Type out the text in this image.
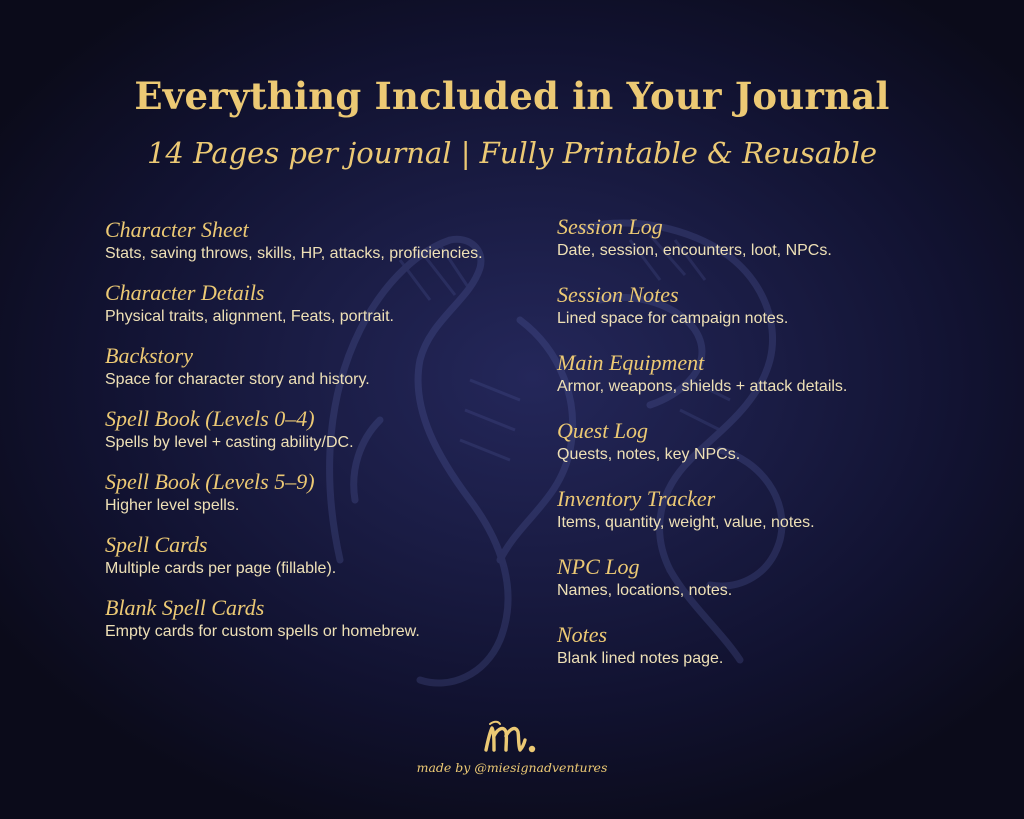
Everything Included in Your Journal
14 Pages per journal | Fully Printable & Reusable
Character Sheet
Stats, saving throws, skills, HP, attacks, proficiencies.
Character Details
Physical traits, alignment, Feats, portrait.
Backstory
Space for character story and history.
Spell Book (Levels 0–4)
Spells by level + casting ability/DC.
Spell Book (Levels 5–9)
Higher level spells.
Spell Cards
Multiple cards per page (fillable).
Blank Spell Cards
Empty cards for custom spells or homebrew.
Session Log
Date, session, encounters, loot, NPCs.
Session Notes
Lined space for campaign notes.
Main Equipment
Armor, weapons, shields + attack details.
Quest Log
Quests, notes, key NPCs.
Inventory Tracker
Items, quantity, weight, value, notes.
NPC Log
Names, locations, notes.
Notes
Blank lined notes page.
made by @miesignadventures
